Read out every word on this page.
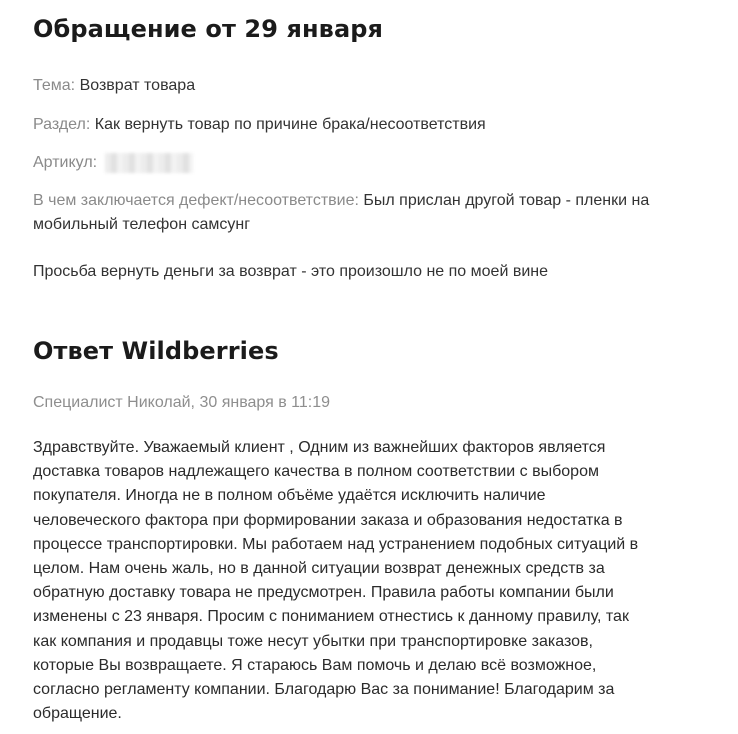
Обращение от 29 января
Тема: Возврат товара
Раздел: Как вернуть товар по причине брака/несоответствия
Артикул:
В чем заключается дефект/несоответствие: Был прислан другой товар - пленки на
мобильный телефон самсунг
Просьба вернуть деньги за возврат - это произошло не по моей вине
Ответ Wildberries
Специалист Николай, 30 января в 11:19
Здравствуйте. Уважаемый клиент , Одним из важнейших факторов является
доставка товаров надлежащего качества в полном соответствии с выбором
покупателя. Иногда не в полном объёме удаётся исключить наличие
человеческого фактора при формировании заказа и образования недостатка в
процессе транспортировки. Мы работаем над устранением подобных ситуаций в
целом. Нам очень жаль, но в данной ситуации возврат денежных средств за
обратную доставку товара не предусмотрен. Правила работы компании были
изменены с 23 января. Просим с пониманием отнестись к данному правилу, так
как компания и продавцы тоже несут убытки при транспортировке заказов,
которые Вы возвращаете. Я стараюсь Вам помочь и делаю всё возможное,
согласно регламенту компании. Благодарю Вас за понимание! Благодарим за
обращение.
